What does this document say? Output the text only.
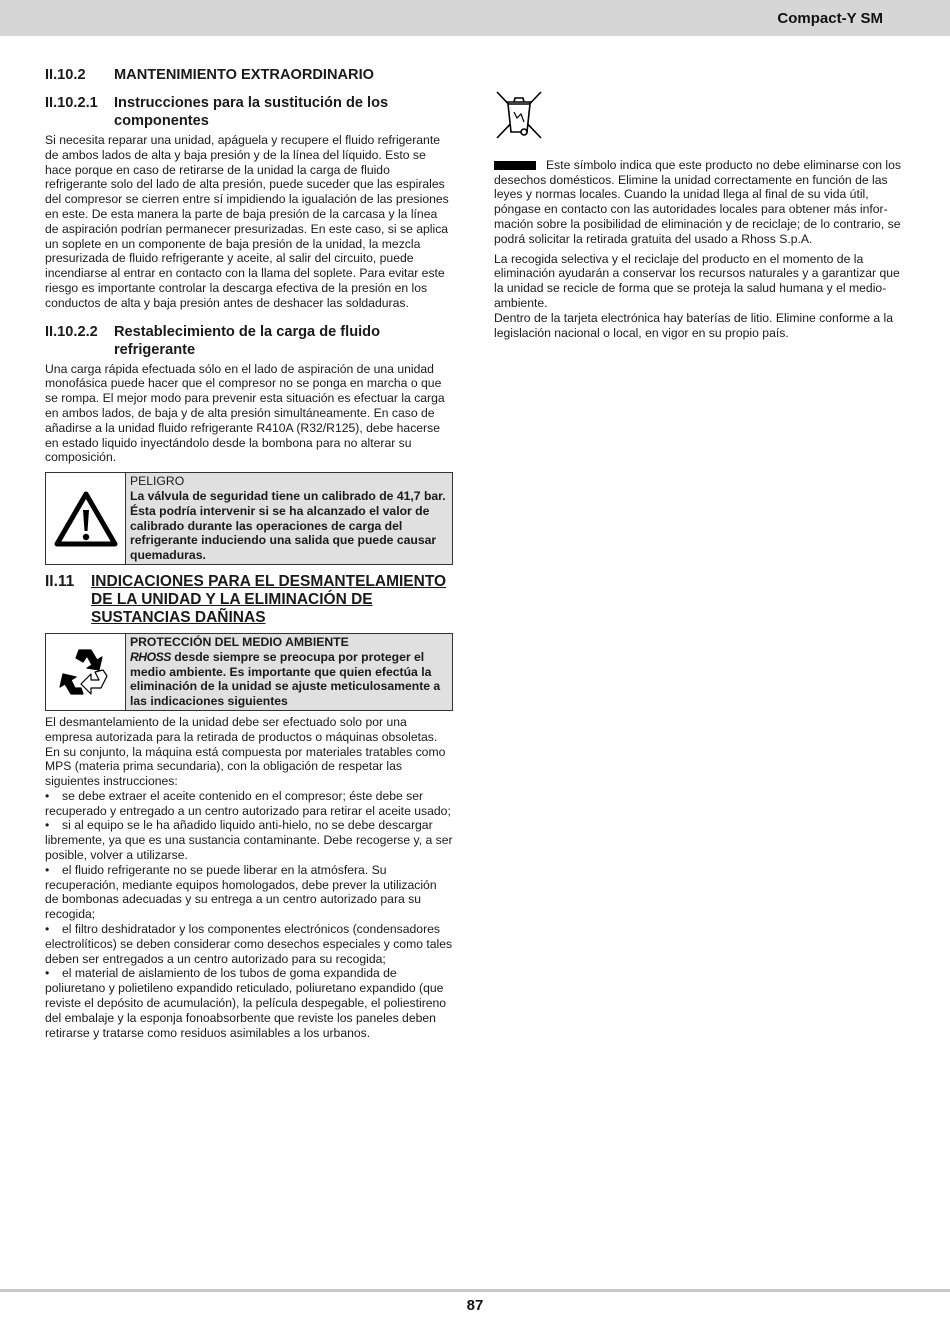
Compact-Y SM
II.10.2	MANTENIMIENTO EXTRAORDINARIO
II.10.2.1	Instrucciones para la sustitución de los componentes

Si necesita reparar una unidad, apáguela y recupere el fluido refrigerante de ambos lados de alta y baja presión y de la línea del líquido. Esto se hace porque en caso de retirarse de la unidad la carga de fluido refrigerante solo del lado de alta presión, puede suceder que las espirales del compresor se cierren entre sí impidiendo la igualación de las presiones en este. De esta manera la parte de baja presión de la carcasa y la línea de aspiración podrían permanecer presurizadas. En este caso, si se aplica un soplete en un componente de baja presión de la unidad, la mezcla presurizada de fluido refrigerante y aceite, al salir del circuito, puede incendiarse al entrar en contacto con la llama del soplete. Para evitar este riesgo es importante controlar la descarga efectiva de la presión en los conductos de alta y baja presión antes de deshacer las soldaduras.

II.10.2.2	Restablecimiento de la carga de fluido refrigerante

Una carga rápida efectuada sólo en el lado de aspiración de una unidad monofásica puede hacer que el compresor no se ponga en marcha o que se rompa. El mejor modo para prevenir esta situación es efectuar la carga en ambos lados, de baja y de alta presión simultáneamente. En caso de añadirse a la unidad fluido refrigerante R410A (R32/R125), debe hacerse en estado liquido inyectándolo desde la bombona para no alterar su composición.

PELIGRO
La válvula de seguridad tiene un calibrado de 41,7 bar. Ésta podría intervenir si se ha alcanzado el valor de calibrado durante las operaciones de carga del refrigerante induciendo una salida que puede causar quemaduras.
II.11	INDICACIONES PARA EL DESMANTELAMIENTO DE LA UNIDAD Y LA ELIMINACIÓN DE SUSTANCIAS DAÑINAS
PROTECCIÓN DEL MEDIO AMBIENTE
RHOSS desde siempre se preocupa por proteger el medio ambiente. Es importante que quien efectúa la eliminación de la unidad se ajuste meticulosamente a las indicaciones siguientes
El desmantelamiento de la unidad debe ser efectuado solo por una empresa autorizada para la retirada de productos o máquinas obsoletas.
En su conjunto, la máquina está compuesta por materiales tratables como MPS (materia prima secundaria), con la obligación de respetar las siguientes instrucciones:
• se debe extraer el aceite contenido en el compresor; éste debe ser recuperado y entregado a un centro autorizado para retirar el aceite usado;
• si al equipo se le ha añadido liquido anti-hielo, no se debe descargar libremente, ya que es una sustancia contaminante. Debe recogerse y, a ser posible, volver a utilizarse.
• el fluido refrigerante no se puede liberar en la atmósfera. Su recuperación, mediante equipos homologados, debe prever la utilización de bombonas adecuadas y su entrega a un centro autorizado para su recogida;
• el filtro deshidratador y los componentes electrónicos (condensadores electrolíticos) se deben considerar como desechos especiales y como tales deben ser entregados a un centro autorizado para su recogida;
• el material de aislamiento de los tubos de goma expandida de poliuretano y polietileno expandido reticulado, poliuretano expandido (que reviste el depósito de acumulación), la película despegable, el poliestireno del embalaje y la esponja fonoabsorbente que reviste los paneles deben retirarse y tratarse como residuos asimilables a los urbanos.
Este símbolo indica que este producto no debe eliminarse con los desechos domésticos. Elimine la unidad correctamente en función de las leyes y normas locales. Cuando la unidad llega al final de su vida útil, póngase en contacto con las autoridades locales para obtener más infor-mación sobre la posibilidad de eliminación y de reciclaje; de lo contrario, se podrá solicitar la retirada gratuita del usado a Rhoss S.p.A.
La recogida selectiva y el reciclaje del producto en el momento de la eliminación ayudarán a conservar los recursos naturales y a garantizar que la unidad se recicle de forma que se proteja la salud humana y el medio-ambiente.
Dentro de la tarjeta electrónica hay baterías de litio. Elimine conforme a la legislación nacional o local, en vigor en su propio país.
87
